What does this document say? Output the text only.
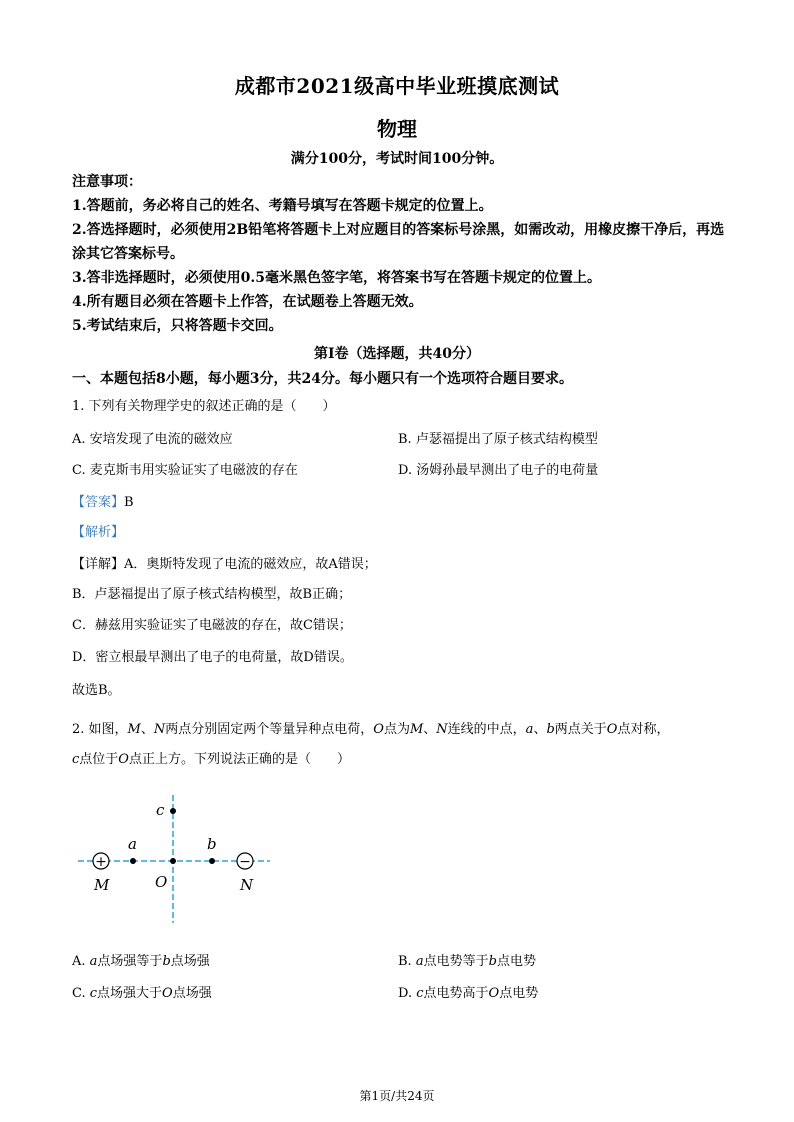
成都市2021级高中毕业班摸底测试
物理
满分100分，考试时间100分钟。
注意事项：
1.答题前，务必将自己的姓名、考籍号填写在答题卡规定的位置上。
2.答选择题时，必须使用2B铅笔将答题卡上对应题目的答案标号涂黑，如需改动，用橡皮擦干净后，再选涂其它答案标号。
3.答非选择题时，必须使用0.5毫米黑色签字笔，将答案书写在答题卡规定的位置上。
4.所有题目必须在答题卡上作答，在试题卷上答题无效。
5.考试结束后，只将答题卡交回。
第I卷（选择题，共40分）
一、本题包括8小题，每小题3分，共24分。每小题只有一个选项符合题目要求。
1. 下列有关物理学史的叙述正确的是（　　）
A. 安培发现了电流的磁效应	B. 卢瑟福提出了原子核式结构模型
C. 麦克斯韦用实验证实了电磁波的存在	D. 汤姆孙最早测出了电子的电荷量
【答案】B
【解析】
【详解】A．奥斯特发现了电流的磁效应，故A错误；
B．卢瑟福提出了原子核式结构模型，故B正确；
C．赫兹用实验证实了电磁波的存在，故C错误；
D．密立根最早测出了电子的电荷量，故D错误。
故选B。
2. 如图，M、N两点分别固定两个等量异种点电荷，O点为M、N连线的中点，a、b两点关于O点对称，
c点位于O点正上方。下列说法正确的是（　　）
+	−
c
a	b
O
M	N
A. a点场强等于b点场强	B. a点电势等于b点电势
C. c点场强大于O点场强	D. c点电势高于O点电势
第1页/共24页
